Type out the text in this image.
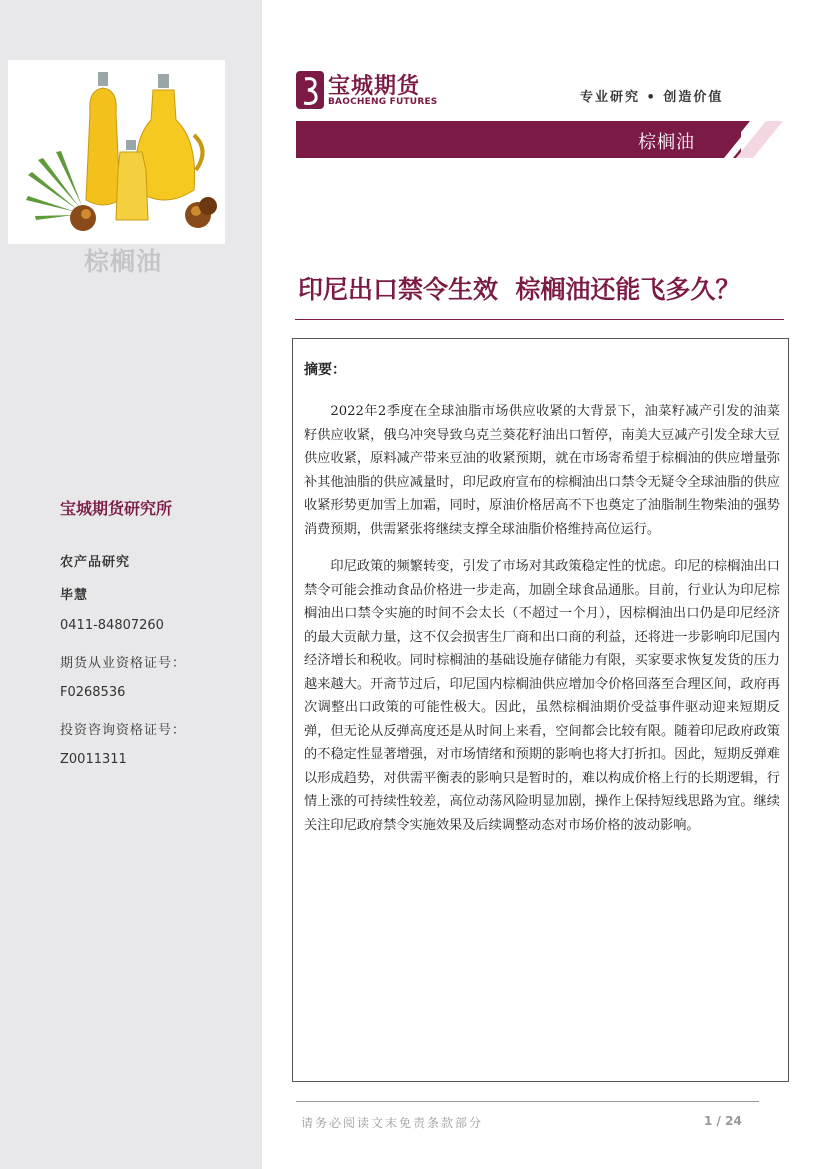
棕榈油
宝城期货研究所
农产品研究
毕慧
0411-84807260
期货从业资格证号：
F0268536
投资咨询资格证号：
Z0011311
宝城期货
BAOCHENG FUTURES	专业研究 • 创造价值
棕榈油
印尼出口禁令生效  棕榈油还能飞多久？
摘要：

2022年2季度在全球油脂市场供应收紧的大背景下，油菜籽减产引发的油菜籽供应收紧，俄乌冲突导致乌克兰葵花籽油出口暂停，南美大豆减产引发全球大豆供应收紧，原料减产带来豆油的收紧预期，就在市场寄希望于棕榈油的供应增量弥补其他油脂的供应减量时，印尼政府宣布的棕榈油出口禁令无疑令全球油脂的供应收紧形势更加雪上加霜，同时，原油价格居高不下也奠定了油脂制生物柴油的强势消费预期，供需紧张将继续支撑全球油脂价格维持高位运行。

印尼政策的频繁转变，引发了市场对其政策稳定性的忧虑。印尼的棕榈油出口禁令可能会推动食品价格进一步走高，加剧全球食品通胀。目前，行业认为印尼棕榈油出口禁令实施的时间不会太长（不超过一个月），因棕榈油出口仍是印尼经济的最大贡献力量，这不仅会损害生厂商和出口商的利益，还将进一步影响印尼国内经济增长和税收。同时棕榈油的基础设施存储能力有限，买家要求恢复发货的压力越来越大。开斋节过后，印尼国内棕榈油供应增加令价格回落至合理区间，政府再次调整出口政策的可能性极大。因此，虽然棕榈油期价受益事件驱动迎来短期反弹，但无论从反弹高度还是从时间上来看，空间都会比较有限。随着印尼政府政策的不稳定性显著增强，对市场情绪和预期的影响也将大打折扣。因此，短期反弹难以形成趋势，对供需平衡表的影响只是暂时的，难以构成价格上行的长期逻辑，行情上涨的可持续性较差，高位动荡风险明显加剧，操作上保持短线思路为宜。继续关注印尼政府禁令实施效果及后续调整动态对市场价格的波动影响。

请务必阅读文末免责条款部分	1 / 24
